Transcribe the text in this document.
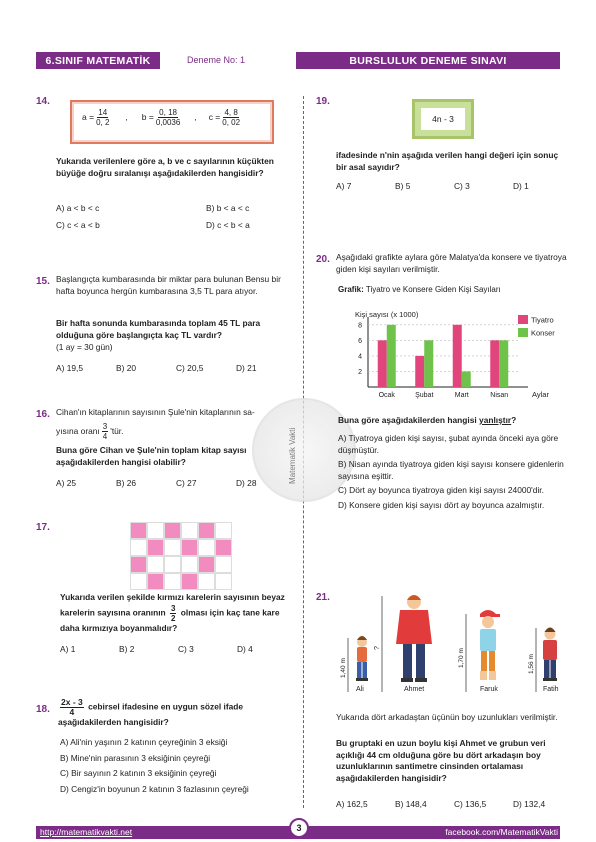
6.SINIF MATEMATİK	Deneme No: 1	BURSLULUK DENEME SINAVI
14.
$a = \frac{14}{0, 2}$ , $b = \frac{0, 18}{0,0036}$ , $c = \frac{4, 8}{0, 02}$
Yukarıda verilenlere göre a, b ve c sayılarının küçükten büyüğe doğru sıralanışı aşağıdakilerden hangisidir?
A) a < b < c	B) b < a < c
C) c < a < b	D) c < b < a
15. Başlangıçta kumbarasında bir miktar para bulunan Bensu bir hafta boyunca hergün kumbarasına 3,5 TL para atıyor.
Bir hafta sonunda kumbarasında toplam 45 TL para olduğuna göre başlangıçta kaç TL vardır?
(1 ay = 30 gün)
A) 19,5	B) 20	C) 20,5	D) 21
16. Cihan'ın kitaplarının sayısının Şule'nin kitaplarının sa-
yısına oranı $\frac{3}{4}$ 'tür.
Buna göre Cihan ve Şule'nin toplam kitap sayısı aşağıdakilerden hangisi olabilir?
A) 25	B) 26	C) 27	D) 28	Matematik Vakti
17.
Yukarıda verilen şekilde kırmızı karelerin sayısının beyaz karelerin sayısına oranının $\frac{3}{2}$ olması için kaç tane kare daha kırmızıya boyanmalıdır?
A) 1	B) 2	C) 3	D) 4
18. $\frac{2x - 3}{4}$ cebirsel ifadesine en uygun sözel ifade aşağıdakilerden hangisidir?
A) Ali'nin yaşının 2 katının çeyreğinin 3 eksiği
B) Mine'nin parasının 3 eksiğinin çeyreği
C) Bir sayının 2 katının 3 eksiğinin çeyreği
D) Cengiz'in boyunun 2 katının 3 fazlasının çeyreği
19.
4n - 3
ifadesinde n'nin aşağıda verilen hangi değeri için sonuç bir asal sayıdır?
A) 7	B) 5	C) 3	D) 1
20. Aşağıdaki grafikte aylara göre Malatya'da konsere ve tiyatroya giden kişi sayıları verilmiştir.
Grafik: Tiyatro ve Konsere Giden Kişi Sayıları
Kişi sayısı (x 1000)
Aylar
2
4
6
8
Ocak	Şubat	Mart	Nisan
Tiyatro
Konser
Buna göre aşağıdakilerden hangisi yanlıştır?
A) Tiyatroya giden kişi sayısı, şubat ayında önceki aya göre düşmüştür.
B) Nisan ayında tiyatroya giden kişi sayısı konsere gidenlerin sayısına eşittir.
C) Dört ay boyunca tiyatroya giden kişi sayısı 24000'dir.
D) Konsere giden kişi sayısı dört ay boyunca azalmıştır.
21.
1,40 m
Ali
?
Ahmet
1,70 m
Faruk
1,56 m
Fatih
Yukarıda dört arkadaştan üçünün boy uzunlukları verilmiştir.
Bu gruptaki en uzun boylu kişi Ahmet ve grubun veri açıklığı 44 cm olduğuna göre bu dört arkadaşın boy uzunluklarının santimetre cinsinden ortalaması aşağıdakilerden hangisidir?
A) 162,5	B) 148,4	C) 136,5	D) 132,4
http://matematikvakti.net	3	facebook.com/MatematikVakti
